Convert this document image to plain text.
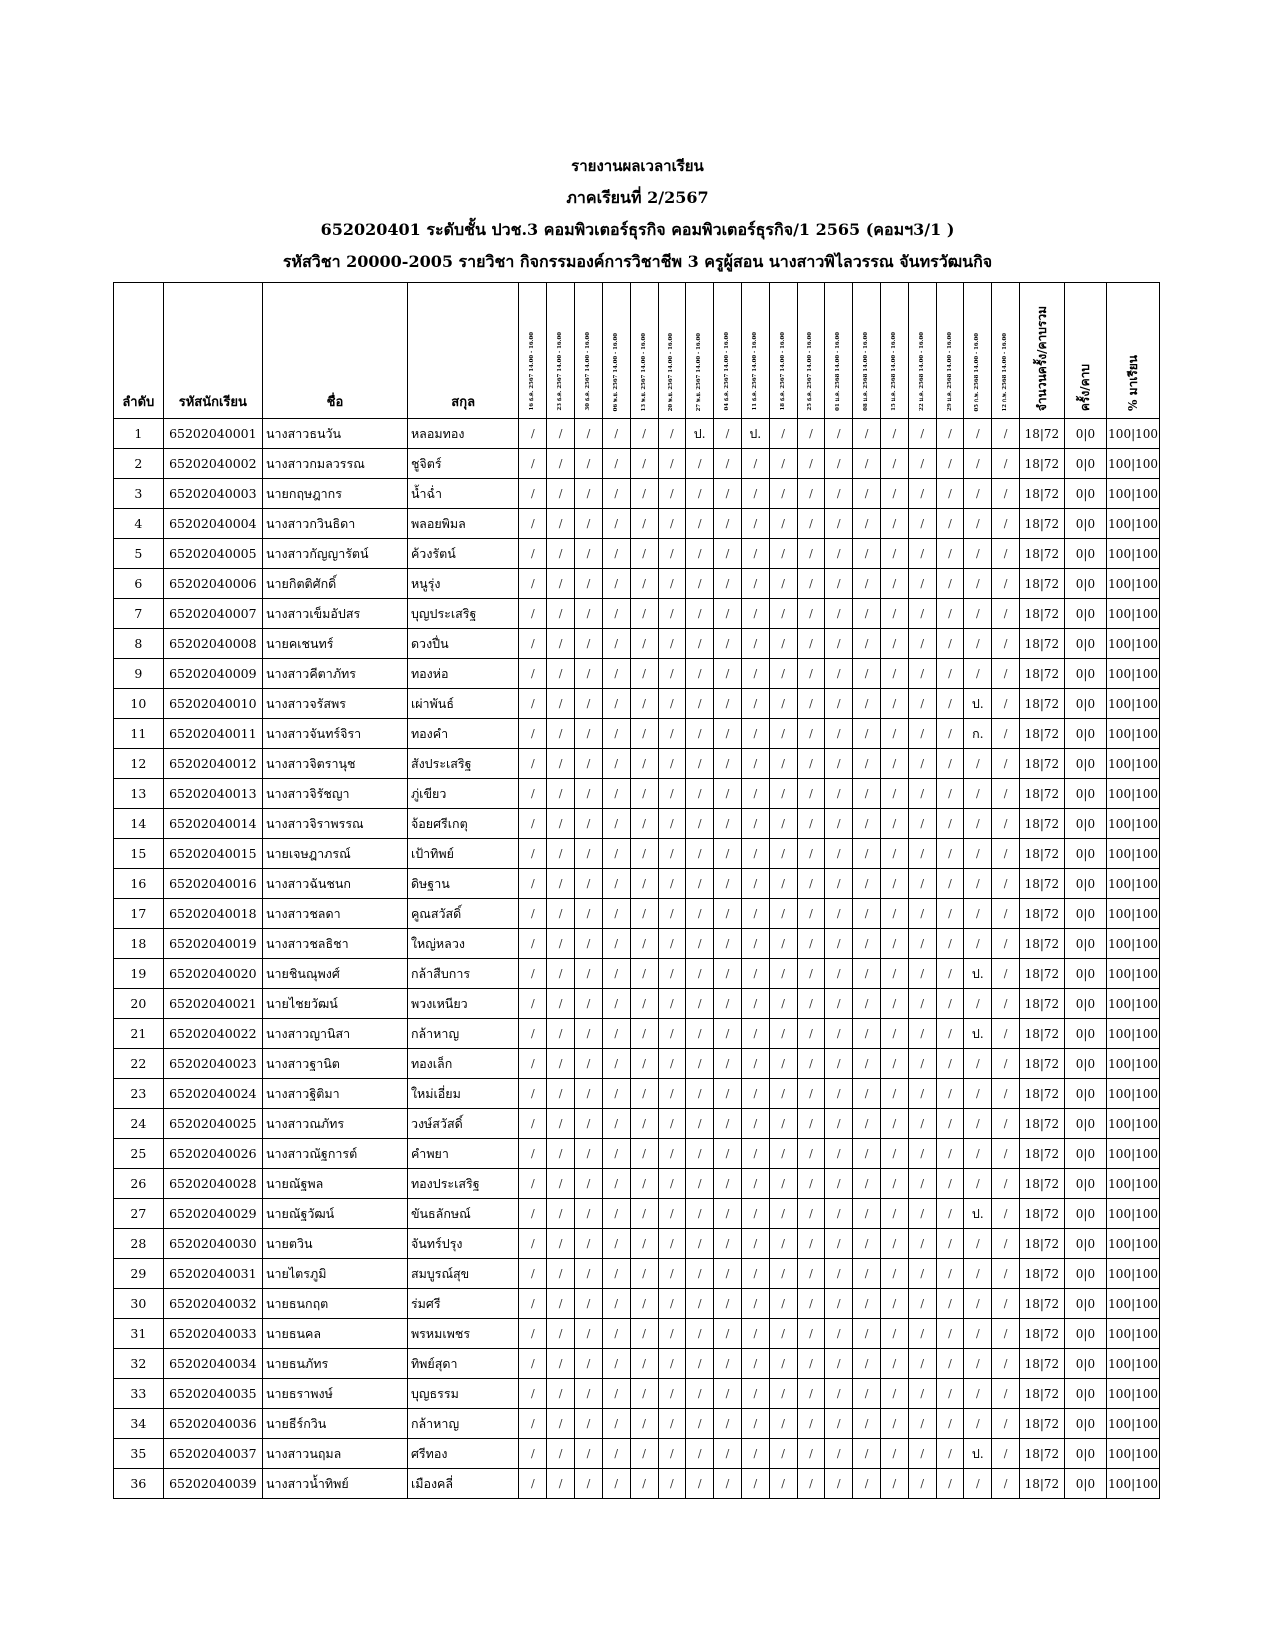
รายงานผลเวลาเรียน
ภาคเรียนที่ 2/2567
652020401 ระดับชั้น ปวช.3 คอมพิวเตอร์ธุรกิจ คอมพิวเตอร์ธุรกิจ/1 2565 (คอมฯ3/1 )
รหัสวิชา 20000-2005 รายวิชา กิจกรรมองค์การวิชาชีพ 3 ครูผู้สอน นางสาวพิไลวรรณ จันทรวัฒนกิจ
ลำดับ	รหัสนักเรียน	ชื่อ	สกุล	16 ธ.ค. 2567 14.00 - 16.00	23 ธ.ค. 2567 14.00 - 16.00	30 ธ.ค. 2567 14.00 - 16.00	06 พ.ย. 2567 14.00 - 16.00	13 พ.ย. 2567 14.00 - 16.00	20 พ.ย. 2567 14.00 - 16.00	27 พ.ย. 2567 14.00 - 16.00	04 ธ.ค. 2567 14.00 - 16.00	11 ธ.ค. 2567 14.00 - 16.00	18 ธ.ค. 2567 14.00 - 16.00	25 ธ.ค. 2567 14.00 - 16.00	01 ม.ค. 2568 14.00 - 16.00	08 ม.ค. 2568 14.00 - 16.00	15 ม.ค. 2568 14.00 - 16.00	22 ม.ค. 2568 14.00 - 16.00	29 ม.ค. 2568 14.00 - 16.00	05 ก.พ. 2568 14.00 - 16.00	12 ก.พ. 2568 14.00 - 16.00	จำนวนครั้ง/คาบรวม	ครั้ง/คาบ	% มาเรียน
1	65202040001	นางสาวธนวัน	หลอมทอง	/	/	/	/	/	/	ป.	/	ป.	/	/	/	/	/	/	/	/	/	18|72	0|0	100|100
2	65202040002	นางสาวกมลวรรณ	ชูจิตร์	/	/	/	/	/	/	/	/	/	/	/	/	/	/	/	/	/	/	18|72	0|0	100|100
3	65202040003	นายกฤษฎากร	น้ำฉ่ำ	/	/	/	/	/	/	/	/	/	/	/	/	/	/	/	/	/	/	18|72	0|0	100|100
4	65202040004	นางสาวกวินธิดา	พลอยพิมล	/	/	/	/	/	/	/	/	/	/	/	/	/	/	/	/	/	/	18|72	0|0	100|100
5	65202040005	นางสาวกัญญารัตน์	ค้วงรัตน์	/	/	/	/	/	/	/	/	/	/	/	/	/	/	/	/	/	/	18|72	0|0	100|100
6	65202040006	นายกิตติศักดิ์	หนูรุ่ง	/	/	/	/	/	/	/	/	/	/	/	/	/	/	/	/	/	/	18|72	0|0	100|100
7	65202040007	นางสาวเข็มอัปสร	บุญประเสริฐ	/	/	/	/	/	/	/	/	/	/	/	/	/	/	/	/	/	/	18|72	0|0	100|100
8	65202040008	นายคเชนทร์	ดวงปื่น	/	/	/	/	/	/	/	/	/	/	/	/	/	/	/	/	/	/	18|72	0|0	100|100
9	65202040009	นางสาวคีตาภัทร	ทองห่อ	/	/	/	/	/	/	/	/	/	/	/	/	/	/	/	/	/	/	18|72	0|0	100|100
10	65202040010	นางสาวจรัสพร	เผ่าพันธ์	/	/	/	/	/	/	/	/	/	/	/	/	/	/	/	/	ป.	/	18|72	0|0	100|100
11	65202040011	นางสาวจันทร์จิรา	ทองคำ	/	/	/	/	/	/	/	/	/	/	/	/	/	/	/	/	ก.	/	18|72	0|0	100|100
12	65202040012	นางสาวจิตรานุช	สังประเสริฐ	/	/	/	/	/	/	/	/	/	/	/	/	/	/	/	/	/	/	18|72	0|0	100|100
13	65202040013	นางสาวจิรัชญา	ภู่เขียว	/	/	/	/	/	/	/	/	/	/	/	/	/	/	/	/	/	/	18|72	0|0	100|100
14	65202040014	นางสาวจิราพรรณ	จ้อยศรีเกตุ	/	/	/	/	/	/	/	/	/	/	/	/	/	/	/	/	/	/	18|72	0|0	100|100
15	65202040015	นายเจษฎาภรณ์	เป้าทิพย์	/	/	/	/	/	/	/	/	/	/	/	/	/	/	/	/	/	/	18|72	0|0	100|100
16	65202040016	นางสาวฉันชนก	ดิษฐาน	/	/	/	/	/	/	/	/	/	/	/	/	/	/	/	/	/	/	18|72	0|0	100|100
17	65202040018	นางสาวชลดา	คูณสวัสดิ์	/	/	/	/	/	/	/	/	/	/	/	/	/	/	/	/	/	/	18|72	0|0	100|100
18	65202040019	นางสาวชลธิชา	ใหญ่หลวง	/	/	/	/	/	/	/	/	/	/	/	/	/	/	/	/	/	/	18|72	0|0	100|100
19	65202040020	นายชินณุพงศ์	กล้าสืบการ	/	/	/	/	/	/	/	/	/	/	/	/	/	/	/	/	ป.	/	18|72	0|0	100|100
20	65202040021	นายไชยวัฒน์	พวงเหนียว	/	/	/	/	/	/	/	/	/	/	/	/	/	/	/	/	/	/	18|72	0|0	100|100
21	65202040022	นางสาวญานิสา	กล้าหาญ	/	/	/	/	/	/	/	/	/	/	/	/	/	/	/	/	ป.	/	18|72	0|0	100|100
22	65202040023	นางสาวฐานิต	ทองเล็ก	/	/	/	/	/	/	/	/	/	/	/	/	/	/	/	/	/	/	18|72	0|0	100|100
23	65202040024	นางสาวฐิติมา	ใหม่เอี่ยม	/	/	/	/	/	/	/	/	/	/	/	/	/	/	/	/	/	/	18|72	0|0	100|100
24	65202040025	นางสาวณภัทร	วงษ์สวัสดิ์	/	/	/	/	/	/	/	/	/	/	/	/	/	/	/	/	/	/	18|72	0|0	100|100
25	65202040026	นางสาวณัฐการต์	คำพยา	/	/	/	/	/	/	/	/	/	/	/	/	/	/	/	/	/	/	18|72	0|0	100|100
26	65202040028	นายณัฐพล	ทองประเสริฐ	/	/	/	/	/	/	/	/	/	/	/	/	/	/	/	/	/	/	18|72	0|0	100|100
27	65202040029	นายณัฐวัฒน์	ขันธลักษณ์	/	/	/	/	/	/	/	/	/	/	/	/	/	/	/	/	ป.	/	18|72	0|0	100|100
28	65202040030	นายตวิน	จันทร์ปรุง	/	/	/	/	/	/	/	/	/	/	/	/	/	/	/	/	/	/	18|72	0|0	100|100
29	65202040031	นายไตรภูมิ	สมบูรณ์สุข	/	/	/	/	/	/	/	/	/	/	/	/	/	/	/	/	/	/	18|72	0|0	100|100
30	65202040032	นายธนกฤต	ร่มศรี	/	/	/	/	/	/	/	/	/	/	/	/	/	/	/	/	/	/	18|72	0|0	100|100
31	65202040033	นายธนคล	พรหมเพชร	/	/	/	/	/	/	/	/	/	/	/	/	/	/	/	/	/	/	18|72	0|0	100|100
32	65202040034	นายธนภัทร	ทิพย์สุดา	/	/	/	/	/	/	/	/	/	/	/	/	/	/	/	/	/	/	18|72	0|0	100|100
33	65202040035	นายธราพงษ์	บุญธรรม	/	/	/	/	/	/	/	/	/	/	/	/	/	/	/	/	/	/	18|72	0|0	100|100
34	65202040036	นายธีร์กวิน	กล้าหาญ	/	/	/	/	/	/	/	/	/	/	/	/	/	/	/	/	/	/	18|72	0|0	100|100
35	65202040037	นางสาวนฤมล	ศรีทอง	/	/	/	/	/	/	/	/	/	/	/	/	/	/	/	/	ป.	/	18|72	0|0	100|100
36	65202040039	นางสาวน้ำทิพย์	เมืองคลี่	/	/	/	/	/	/	/	/	/	/	/	/	/	/	/	/	/	/	18|72	0|0	100|100
